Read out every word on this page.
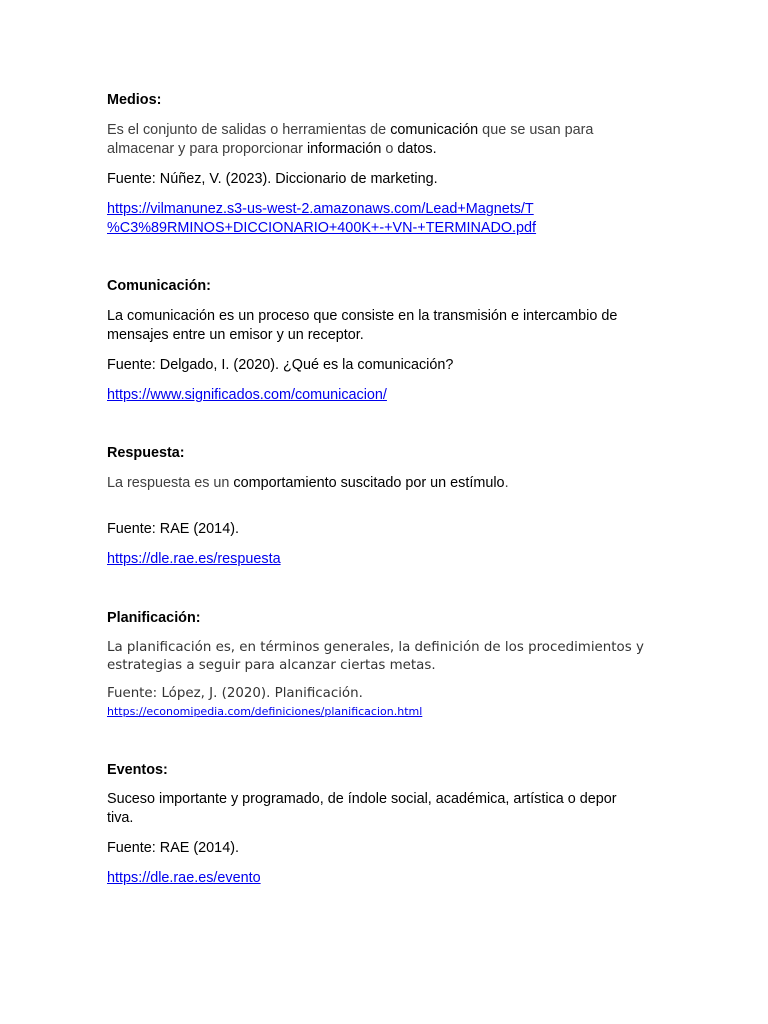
Medios:

Es el conjunto de salidas o herramientas de comunicación que se usan para

almacenar y para proporcionar información o datos.

Fuente: Núñez, V. (2023). Diccionario de marketing.

https://vilmanunez.s3-us-west-2.amazonaws.com/Lead+Magnets/T

%C3%89RMINOS+DICCIONARIO+400K+-+VN-+TERMINADO.pdf

Comunicación:

La comunicación es un proceso que consiste en la transmisión e intercambio de

mensajes entre un emisor y un receptor.

Fuente: Delgado, I. (2020). ¿Qué es la comunicación?

https://www.significados.com/comunicacion/

Respuesta:

La respuesta es un comportamiento suscitado por un estímulo.

Fuente: RAE (2014).

https://dle.rae.es/respuesta

Planificación:

La planificación es, en términos generales, la definición de los procedimientos y

estrategias a seguir para alcanzar ciertas metas.

Fuente: López, J. (2020). Planificación.

https://economipedia.com/definiciones/planificacion.html

Eventos:

Suceso importante y programado, de índole social, académica, artística o depor

tiva.

Fuente: RAE (2014).

https://dle.rae.es/evento
